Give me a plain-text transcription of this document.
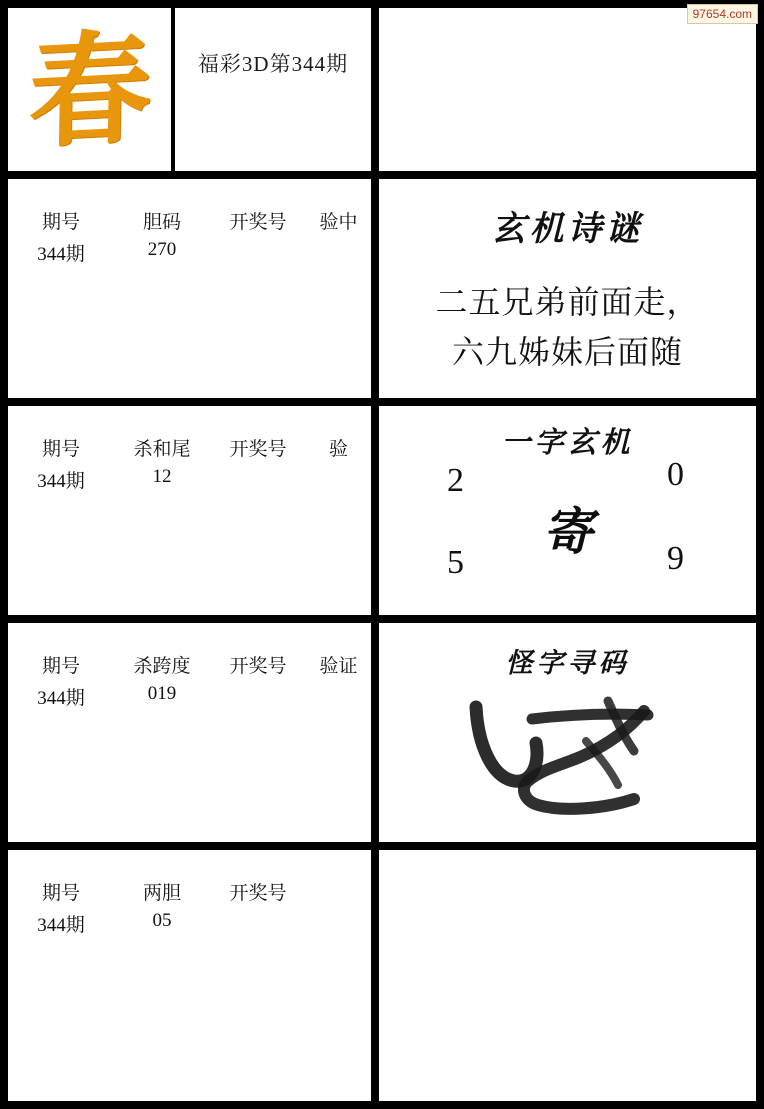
97654.com
春	福彩3D第344期
期号	胆码	开奖号	验中
344期	270
期号	杀和尾	开奖号	验
344期	12
期号	杀跨度	开奖号	验证
344期	019
期号	两胆	开奖号
344期	05
玄机诗谜
二五兄弟前面走，
六九姊妹后面随
一字玄机
寄
2	0
5	9
怪字寻码
